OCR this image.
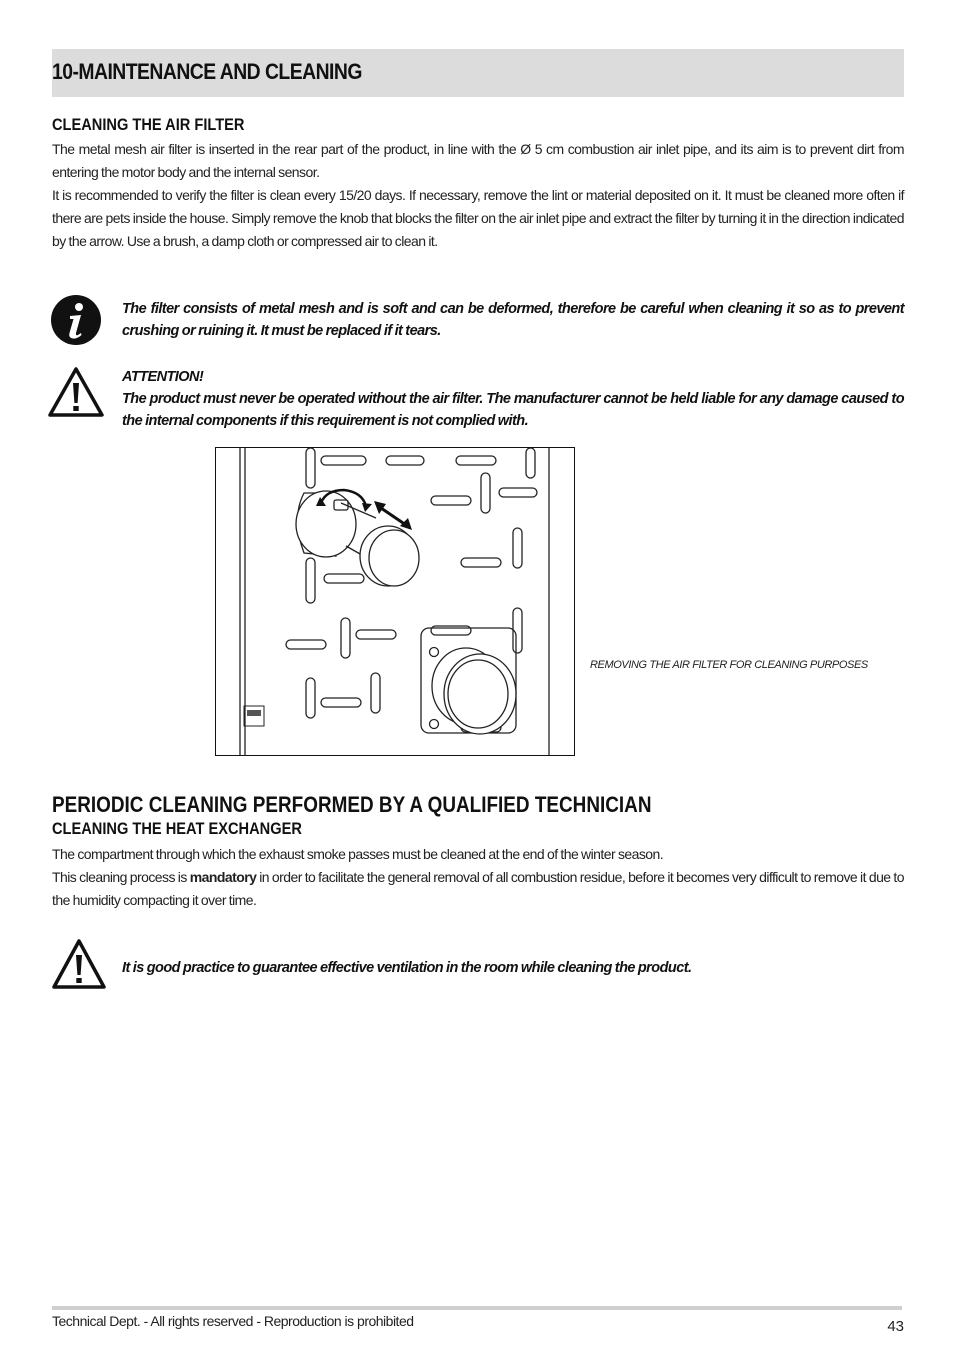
10-MAINTENANCE AND CLEANING
CLEANING THE AIR FILTER

The metal mesh air filter is inserted in the rear part of the product, in line with the Ø 5 cm combustion air inlet pipe, and its aim is to prevent dirt from entering the motor body and the internal sensor.

It is recommended to verify the filter is clean every 15/20 days. If necessary, remove the lint or material deposited on it. It must be cleaned more often if there are pets inside the house. Simply remove the knob that blocks the filter on the air inlet pipe and extract the filter by turning it in the direction indicated by the arrow. Use a brush, a damp cloth or compressed air to clean it.

The filter consists of metal mesh and is soft and can be deformed, therefore be careful when cleaning it so as to prevent crushing or ruining it. It must be replaced if it tears.

ATTENTION!

The product must never be operated without the air filter. The manufacturer cannot be held liable for any damage caused to the internal components if this requirement is not complied with.

REMOVING THE AIR FILTER FOR CLEANING PURPOSES

PERIODIC CLEANING PERFORMED BY A QUALIFIED TECHNICIAN
CLEANING THE HEAT EXCHANGER

The compartment through which the exhaust smoke passes must be cleaned at the end of the winter season.

This cleaning process is mandatory in order to facilitate the general removal of all combustion residue, before it becomes very difficult to remove it due to the humidity compacting it over time.

It is good practice to guarantee effective ventilation in the room while cleaning the product.

Technical Dept. - All rights reserved - Reproduction is prohibited	43
